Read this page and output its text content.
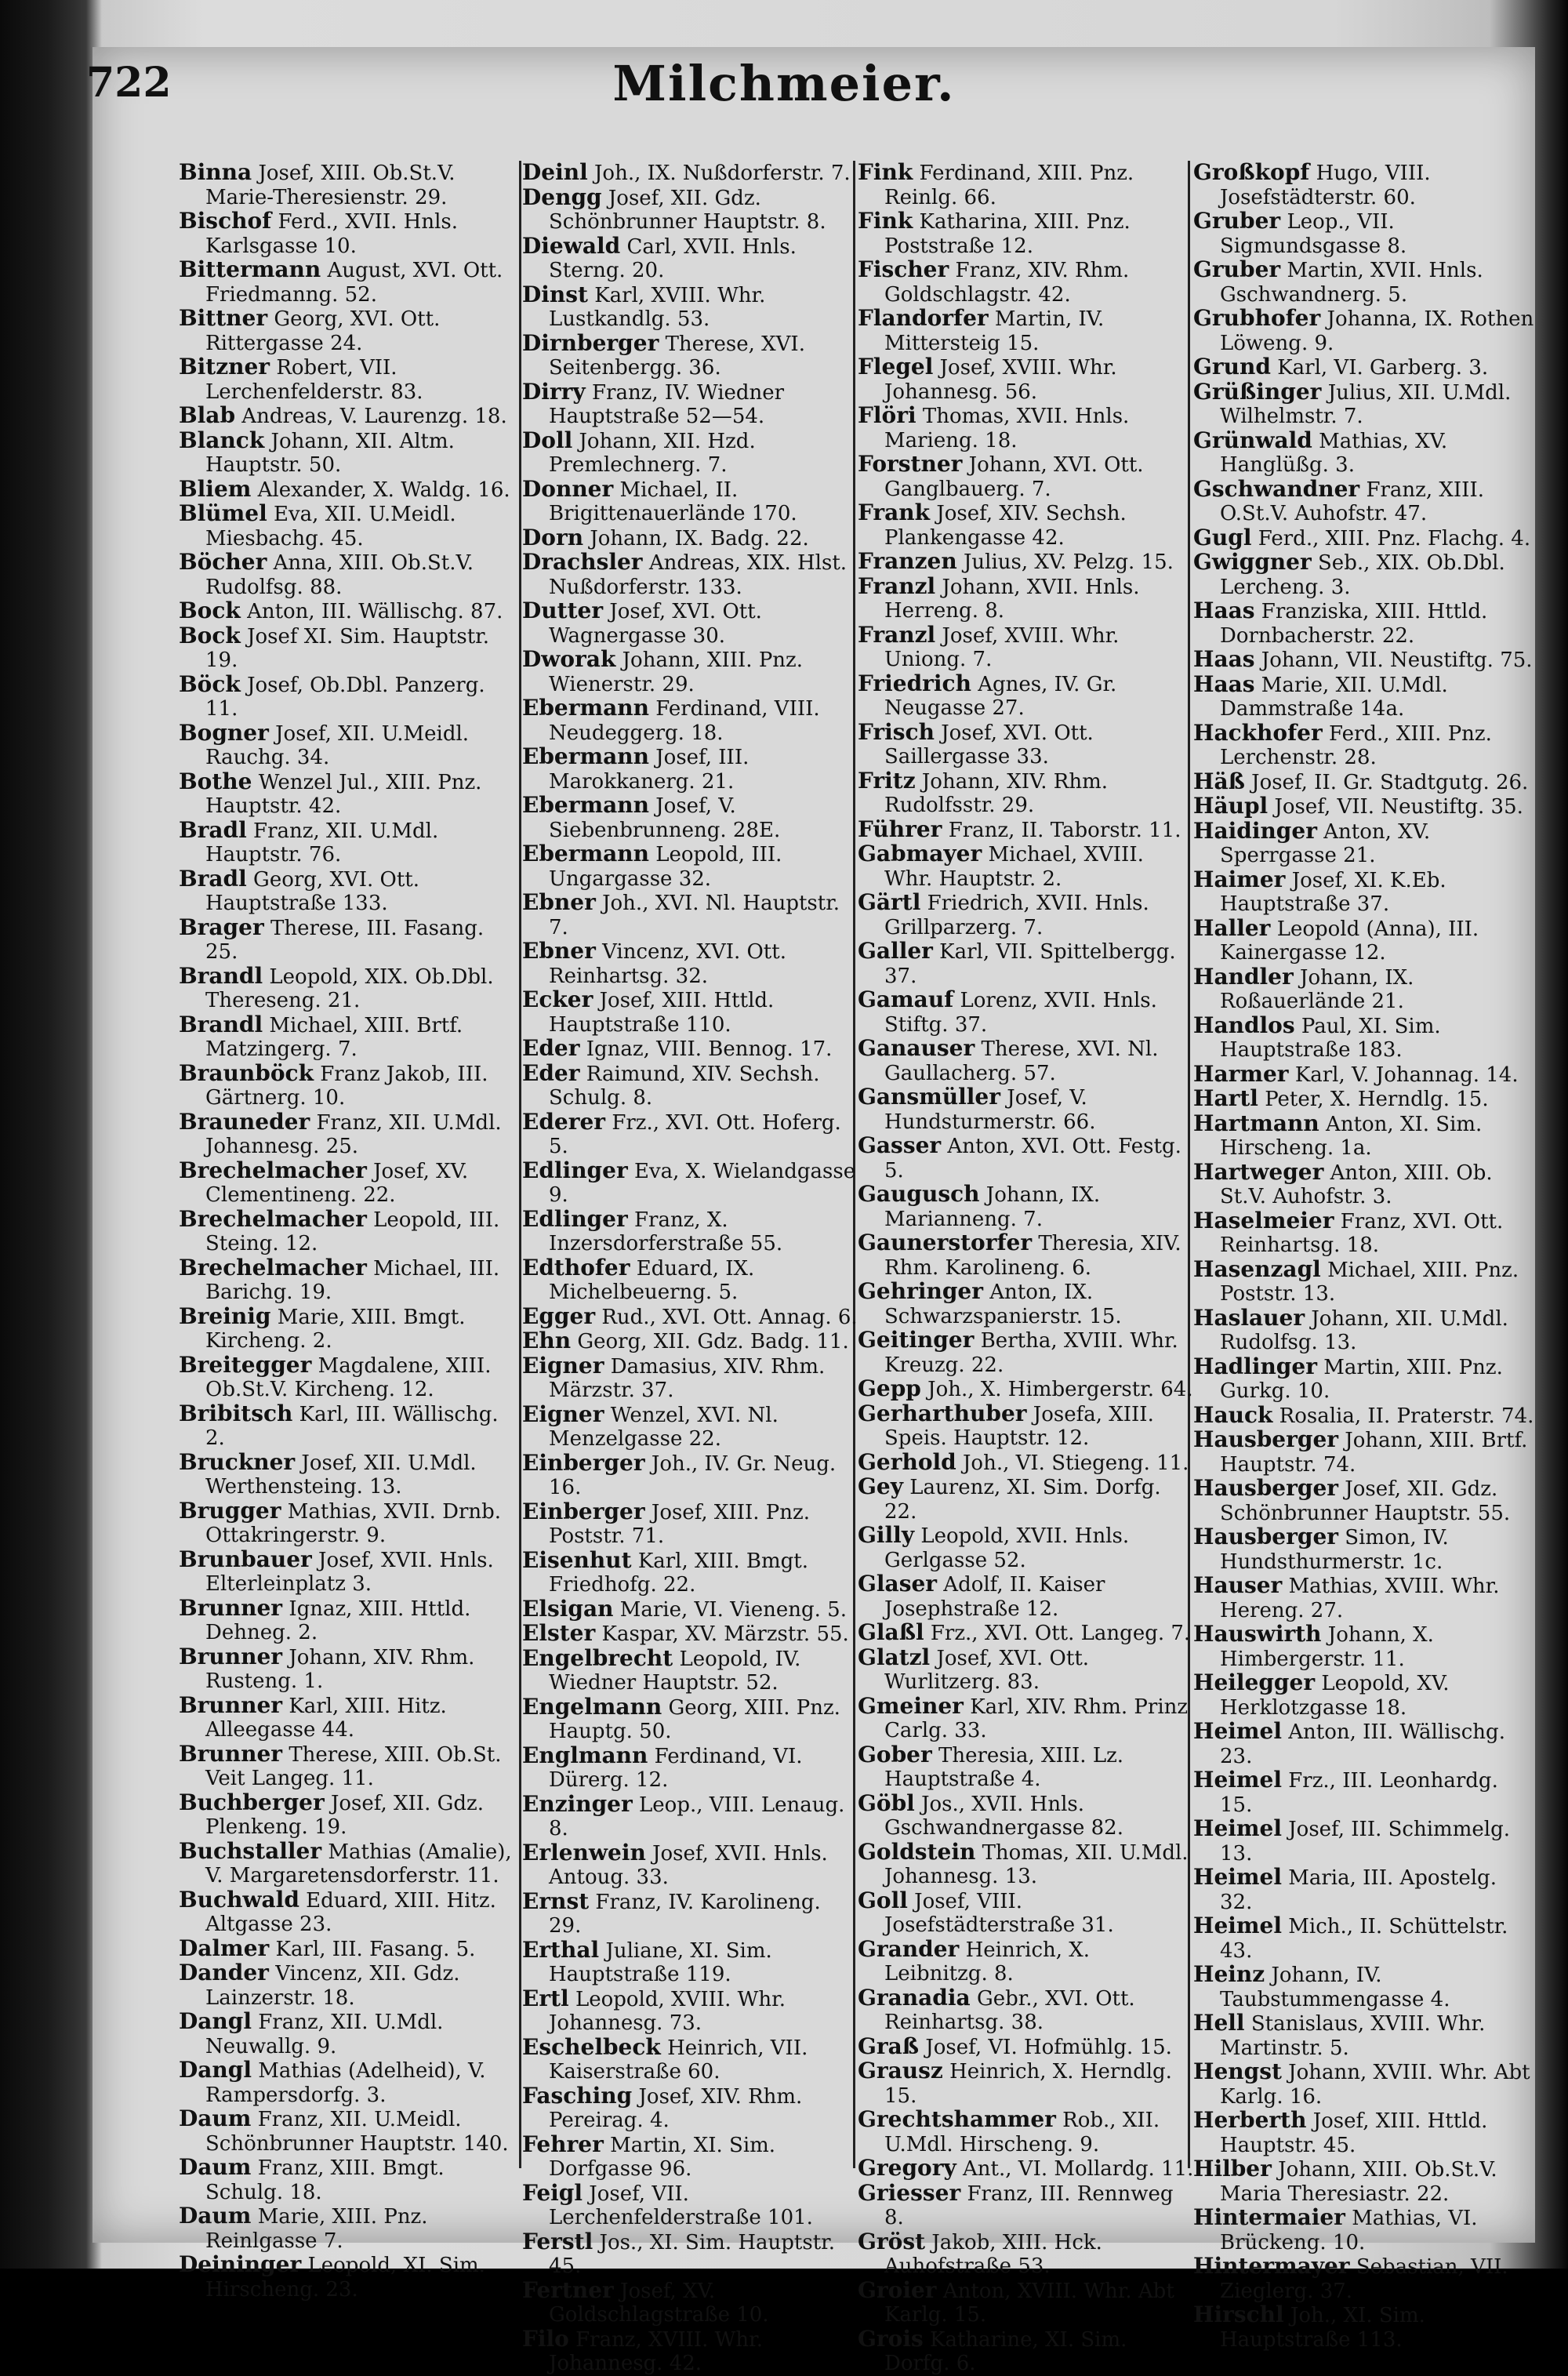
722	Milchmeier.

Binna Josef, XIII. Ob.St.V. Marie-Theresienstr. 29.

Bischof Ferd., XVII. Hnls. Karlsgasse 10.

Bittermann August, XVI. Ott. Friedmanng. 52.

Bittner Georg, XVI. Ott. Rittergasse 24.

Bitzner Robert, VII. Lerchenfelderstr. 83.

Blab Andreas, V. Laurenzg. 18.

Blanck Johann, XII. Altm. Hauptstr. 50.

Bliem Alexander, X. Waldg. 16.

Blümel Eva, XII. U.Meidl. Miesbachg. 45.

Böcher Anna, XIII. Ob.St.V. Rudolfsg. 88.

Bock Anton, III. Wällischg. 87.

Bock Josef XI. Sim. Hauptstr. 19.

Böck Josef, Ob.Dbl. Panzerg. 11.

Bogner Josef, XII. U.Meidl. Rauchg. 34.

Bothe Wenzel Jul., XIII. Pnz. Hauptstr. 42.

Bradl Franz, XII. U.Mdl. Hauptstr. 76.

Bradl Georg, XVI. Ott. Hauptstraße 133.

Brager Therese, III. Fasang. 25.

Brandl Leopold, XIX. Ob.Dbl. Thereseng. 21.

Brandl Michael, XIII. Brtf. Matzingerg. 7.

Braunböck Franz Jakob, III. Gärtnerg. 10.

Brauneder Franz, XII. U.Mdl. Johannesg. 25.

Brechelmacher Josef, XV. Clementineng. 22.

Brechelmacher Leopold, III. Steing. 12.

Brechelmacher Michael, III. Barichg. 19.

Breinig Marie, XIII. Bmgt. Kircheng. 2.

Breitegger Magdalene, XIII. Ob.St.V. Kircheng. 12.

Bribitsch Karl, III. Wällischg. 2.

Bruckner Josef, XII. U.Mdl. Werthensteing. 13.

Brugger Mathias, XVII. Drnb. Ottakringerstr. 9.

Brunbauer Josef, XVII. Hnls. Elterleinplatz 3.

Brunner Ignaz, XIII. Httld. Dehneg. 2.

Brunner Johann, XIV. Rhm. Rusteng. 1.

Brunner Karl, XIII. Hitz. Alleegasse 44.

Brunner Therese, XIII. Ob.St. Veit Langeg. 11.

Buchberger Josef, XII. Gdz. Plenkeng. 19.

Buchstaller Mathias (Amalie), V. Margaretensdorferstr. 11.

Buchwald Eduard, XIII. Hitz. Altgasse 23.

Dalmer Karl, III. Fasang. 5.

Dander Vincenz, XII. Gdz. Lainzerstr. 18.

Dangl Franz, XII. U.Mdl. Neuwallg. 9.

Dangl Mathias (Adelheid), V. Rampersdorfg. 3.

Daum Franz, XII. U.Meidl. Schönbrunner Hauptstr. 140.

Daum Franz, XIII. Bmgt. Schulg. 18.

Daum Marie, XIII. Pnz. Reinlgasse 7.

Deininger Leopold, XI. Sim. Hirscheng. 23.

Deinl Joh., IX. Nußdorferstr. 7.

Dengg Josef, XII. Gdz. Schönbrunner Hauptstr. 8.

Diewald Carl, XVII. Hnls. Sterng. 20.

Dinst Karl, XVIII. Whr. Lustkandlg. 53.

Dirnberger Therese, XVI. Seitenbergg. 36.

Dirry Franz, IV. Wiedner Hauptstraße 52—54.

Doll Johann, XII. Hzd. Premlechnerg. 7.

Donner Michael, II. Brigittenauerlände 170.

Dorn Johann, IX. Badg. 22.

Drachsler Andreas, XIX. Hlst. Nußdorferstr. 133.

Dutter Josef, XVI. Ott. Wagnergasse 30.

Dworak Johann, XIII. Pnz. Wienerstr. 29.

Ebermann Ferdinand, VIII. Neudeggerg. 18.

Ebermann Josef, III. Marokkanerg. 21.

Ebermann Josef, V. Siebenbrunneng. 28E.

Ebermann Leopold, III. Ungargasse 32.

Ebner Joh., XVI. Nl. Hauptstr. 7.

Ebner Vincenz, XVI. Ott. Reinhartsg. 32.

Ecker Josef, XIII. Httld. Hauptstraße 110.

Eder Ignaz, VIII. Bennog. 17.

Eder Raimund, XIV. Sechsh. Schulg. 8.

Ederer Frz., XVI. Ott. Hoferg. 5.

Edlinger Eva, X. Wielandgasse 9.

Edlinger Franz, X. Inzersdorferstraße 55.

Edthofer Eduard, IX. Michelbeuerng. 5.

Egger Rud., XVI. Ott. Annag. 6.

Ehn Georg, XII. Gdz. Badg. 11.

Eigner Damasius, XIV. Rhm. Märzstr. 37.

Eigner Wenzel, XVI. Nl. Menzelgasse 22.

Einberger Joh., IV. Gr. Neug. 16.

Einberger Josef, XIII. Pnz. Poststr. 71.

Eisenhut Karl, XIII. Bmgt. Friedhofg. 22.

Elsigan Marie, VI. Vieneng. 5.

Elster Kaspar, XV. Märzstr. 55.

Engelbrecht Leopold, IV. Wiedner Hauptstr. 52.

Engelmann Georg, XIII. Pnz. Hauptg. 50.

Englmann Ferdinand, VI. Dürerg. 12.

Enzinger Leop., VIII. Lenaug. 8.

Erlenwein Josef, XVII. Hnls. Antoug. 33.

Ernst Franz, IV. Karolineng. 29.

Erthal Juliane, XI. Sim. Hauptstraße 119.

Ertl Leopold, XVIII. Whr. Johannesg. 73.

Eschelbeck Heinrich, VII. Kaiserstraße 60.

Fasching Josef, XIV. Rhm. Pereirag. 4.

Fehrer Martin, XI. Sim. Dorfgasse 96.

Feigl Josef, VII. Lerchenfelderstraße 101.

Ferstl Jos., XI. Sim. Hauptstr. 45.

Fertner Josef, XV. Goldschlagstraße 10.

Filo Franz, XVIII. Whr. Johannesg. 42.

Fink Ferdinand, XIII. Pnz. Reinlg. 66.

Fink Katharina, XIII. Pnz. Poststraße 12.

Fischer Franz, XIV. Rhm. Goldschlagstr. 42.

Flandorfer Martin, IV. Mittersteig 15.

Flegel Josef, XVIII. Whr. Johannesg. 56.

Flöri Thomas, XVII. Hnls. Marieng. 18.

Forstner Johann, XVI. Ott. Ganglbauerg. 7.

Frank Josef, XIV. Sechsh. Plankengasse 42.

Franzen Julius, XV. Pelzg. 15.

Franzl Johann, XVII. Hnls. Herreng. 8.

Franzl Josef, XVIII. Whr. Uniong. 7.

Friedrich Agnes, IV. Gr. Neugasse 27.

Frisch Josef, XVI. Ott. Saillergasse 33.

Fritz Johann, XIV. Rhm. Rudolfsstr. 29.

Führer Franz, II. Taborstr. 11.

Gabmayer Michael, XVIII. Whr. Hauptstr. 2.

Gärtl Friedrich, XVII. Hnls. Grillparzerg. 7.

Galler Karl, VII. Spittelbergg. 37.

Gamauf Lorenz, XVII. Hnls. Stiftg. 37.

Ganauser Therese, XVI. Nl. Gaullacherg. 57.

Gansmüller Josef, V. Hundsturmerstr. 66.

Gasser Anton, XVI. Ott. Festg. 5.

Gaugusch Johann, IX. Marianneng. 7.

Gaunerstorfer Theresia, XIV. Rhm. Karolineng. 6.

Gehringer Anton, IX. Schwarzspanierstr. 15.

Geitinger Bertha, XVIII. Whr. Kreuzg. 22.

Gepp Joh., X. Himbergerstr. 64.

Gerharthuber Josefa, XIII. Speis. Hauptstr. 12.

Gerhold Joh., VI. Stiegeng. 11.

Gey Laurenz, XI. Sim. Dorfg. 22.

Gilly Leopold, XVII. Hnls. Gerlgasse 52.

Glaser Adolf, II. Kaiser Josephstraße 12.

Glaßl Frz., XVI. Ott. Langeg. 7.

Glatzl Josef, XVI. Ott. Wurlitzerg. 83.

Gmeiner Karl, XIV. Rhm. Prinz Carlg. 33.

Gober Theresia, XIII. Lz. Hauptstraße 4.

Göbl Jos., XVII. Hnls. Gschwandnergasse 82.

Goldstein Thomas, XII. U.Mdl. Johannesg. 13.

Goll Josef, VIII. Josefstädterstraße 31.

Grander Heinrich, X. Leibnitzg. 8.

Granadia Gebr., XVI. Ott. Reinhartsg. 38.

Graß Josef, VI. Hofmühlg. 15.

Grausz Heinrich, X. Herndlg. 15.

Grechtshammer Rob., XII. U.Mdl. Hirscheng. 9.

Gregory Ant., VI. Mollardg. 11.

Griesser Franz, III. Rennweg 8.

Gröst Jakob, XIII. Hck. Auhofstraße 53.

Groier Anton, XVIII. Whr. Abt Karlg. 15.

Grois Katharine, XI. Sim. Dorfg. 6.

Großkopf Hugo, VIII. Josefstädterstr. 60.

Gruber Leop., VII. Sigmundsgasse 8.

Gruber Martin, XVII. Hnls. Gschwandnerg. 5.

Grubhofer Johanna, IX. Rothen Löweng. 9.

Grund Karl, VI. Garberg. 3.

Grüßinger Julius, XII. U.Mdl. Wilhelmstr. 7.

Grünwald Mathias, XV. Hanglüßg. 3.

Gschwandner Franz, XIII. O.St.V. Auhofstr. 47.

Gugl Ferd., XIII. Pnz. Flachg. 4.

Gwiggner Seb., XIX. Ob.Dbl. Lercheng. 3.

Haas Franziska, XIII. Httld. Dornbacherstr. 22.

Haas Johann, VII. Neustiftg. 75.

Haas Marie, XII. U.Mdl. Dammstraße 14a.

Hackhofer Ferd., XIII. Pnz. Lerchenstr. 28.

Häß Josef, II. Gr. Stadtgutg. 26.

Häupl Josef, VII. Neustiftg. 35.

Haidinger Anton, XV. Sperrgasse 21.

Haimer Josef, XI. K.Eb. Hauptstraße 37.

Haller Leopold (Anna), III. Kainergasse 12.

Handler Johann, IX. Roßauerlände 21.

Handlos Paul, XI. Sim. Hauptstraße 183.

Harmer Karl, V. Johannag. 14.

Hartl Peter, X. Herndlg. 15.

Hartmann Anton, XI. Sim. Hirscheng. 1a.

Hartweger Anton, XIII. Ob. St.V. Auhofstr. 3.

Haselmeier Franz, XVI. Ott. Reinhartsg. 18.

Hasenzagl Michael, XIII. Pnz. Poststr. 13.

Haslauer Johann, XII. U.Mdl. Rudolfsg. 13.

Hadlinger Martin, XIII. Pnz. Gurkg. 10.

Hauck Rosalia, II. Praterstr. 74.

Hausberger Johann, XIII. Brtf. Hauptstr. 74.

Hausberger Josef, XII. Gdz. Schönbrunner Hauptstr. 55.

Hausberger Simon, IV. Hundsthurmerstr. 1c.

Hauser Mathias, XVIII. Whr. Hereng. 27.

Hauswirth Johann, X. Himbergerstr. 11.

Heilegger Leopold, XV. Herklotzgasse 18.

Heimel Anton, III. Wällischg. 23.

Heimel Frz., III. Leonhardg. 15.

Heimel Josef, III. Schimmelg. 13.

Heimel Maria, III. Apostelg. 32.

Heimel Mich., II. Schüttelstr. 43.

Heinz Johann, IV. Taubstummengasse 4.

Hell Stanislaus, XVIII. Whr. Martinstr. 5.

Hengst Johann, XVIII. Whr. Abt Karlg. 16.

Herberth Josef, XIII. Httld. Hauptstr. 45.

Hilber Johann, XIII. Ob.St.V. Maria Theresiastr. 22.

Hintermaier Mathias, VI. Brückeng. 10.

Hintermayer Sebastian, VII. Zieglerg. 37.

Hirschl Joh., XI. Sim. Hauptstraße 113.
